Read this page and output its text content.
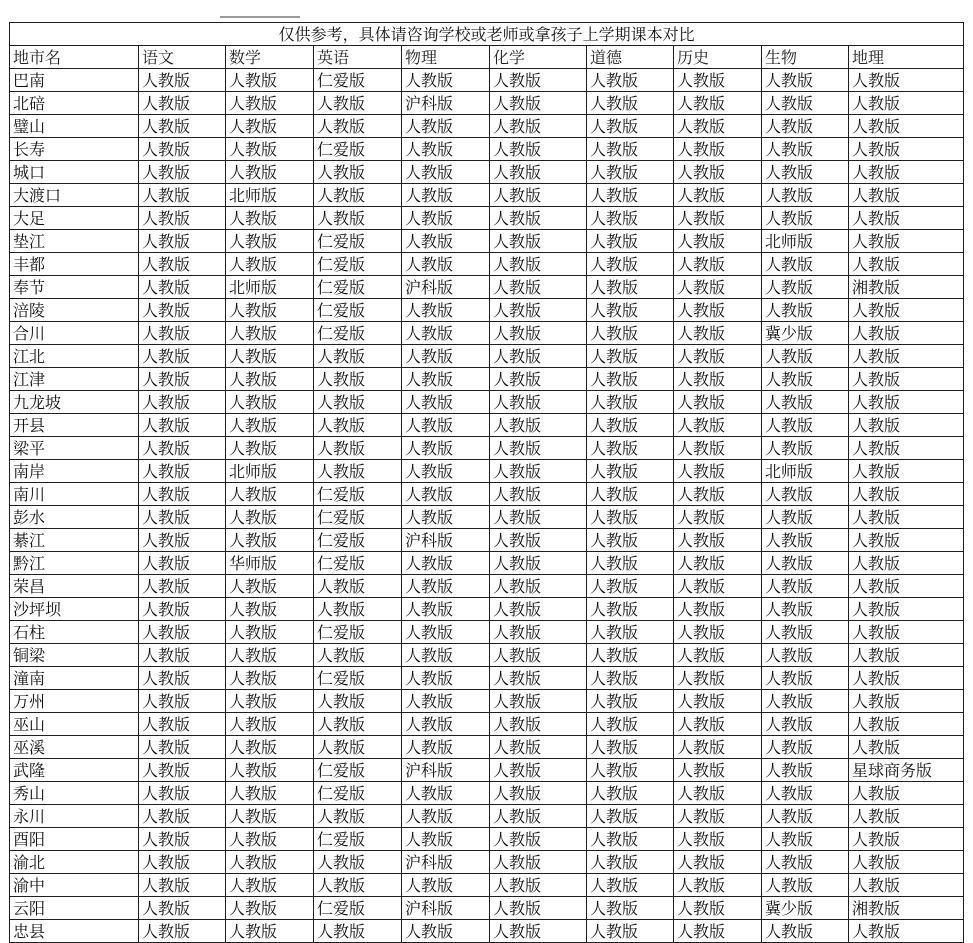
仅供参考，具体请咨询学校或老师或拿孩子上学期课本对比									
地市名	语文	数学	英语	物理	化学	道德	历史	生物	地理
巴南	人教版	人教版	仁爱版	人教版	人教版	人教版	人教版	人教版	人教版
北碚	人教版	人教版	人教版	沪科版	人教版	人教版	人教版	人教版	人教版
璧山	人教版	人教版	人教版	人教版	人教版	人教版	人教版	人教版	人教版
长寿	人教版	人教版	仁爱版	人教版	人教版	人教版	人教版	人教版	人教版
城口	人教版	人教版	人教版	人教版	人教版	人教版	人教版	人教版	人教版
大渡口	人教版	北师版	人教版	人教版	人教版	人教版	人教版	人教版	人教版
大足	人教版	人教版	人教版	人教版	人教版	人教版	人教版	人教版	人教版
垫江	人教版	人教版	仁爱版	人教版	人教版	人教版	人教版	北师版	人教版
丰都	人教版	人教版	仁爱版	人教版	人教版	人教版	人教版	人教版	人教版
奉节	人教版	北师版	仁爱版	沪科版	人教版	人教版	人教版	人教版	湘教版
涪陵	人教版	人教版	仁爱版	人教版	人教版	人教版	人教版	人教版	人教版
合川	人教版	人教版	仁爱版	人教版	人教版	人教版	人教版	冀少版	人教版
江北	人教版	人教版	人教版	人教版	人教版	人教版	人教版	人教版	人教版
江津	人教版	人教版	人教版	人教版	人教版	人教版	人教版	人教版	人教版
九龙坡	人教版	人教版	人教版	人教版	人教版	人教版	人教版	人教版	人教版
开县	人教版	人教版	人教版	人教版	人教版	人教版	人教版	人教版	人教版
梁平	人教版	人教版	人教版	人教版	人教版	人教版	人教版	人教版	人教版
南岸	人教版	北师版	人教版	人教版	人教版	人教版	人教版	北师版	人教版
南川	人教版	人教版	仁爱版	人教版	人教版	人教版	人教版	人教版	人教版
彭水	人教版	人教版	仁爱版	人教版	人教版	人教版	人教版	人教版	人教版
綦江	人教版	人教版	仁爱版	沪科版	人教版	人教版	人教版	人教版	人教版
黔江	人教版	华师版	仁爱版	人教版	人教版	人教版	人教版	人教版	人教版
荣昌	人教版	人教版	人教版	人教版	人教版	人教版	人教版	人教版	人教版
沙坪坝	人教版	人教版	人教版	人教版	人教版	人教版	人教版	人教版	人教版
石柱	人教版	人教版	仁爱版	人教版	人教版	人教版	人教版	人教版	人教版
铜梁	人教版	人教版	人教版	人教版	人教版	人教版	人教版	人教版	人教版
潼南	人教版	人教版	仁爱版	人教版	人教版	人教版	人教版	人教版	人教版
万州	人教版	人教版	人教版	人教版	人教版	人教版	人教版	人教版	人教版
巫山	人教版	人教版	人教版	人教版	人教版	人教版	人教版	人教版	人教版
巫溪	人教版	人教版	人教版	人教版	人教版	人教版	人教版	人教版	人教版
武隆	人教版	人教版	仁爱版	沪科版	人教版	人教版	人教版	人教版	星球商务版
秀山	人教版	人教版	仁爱版	人教版	人教版	人教版	人教版	人教版	人教版
永川	人教版	人教版	人教版	人教版	人教版	人教版	人教版	人教版	人教版
酉阳	人教版	人教版	仁爱版	人教版	人教版	人教版	人教版	人教版	人教版
渝北	人教版	人教版	人教版	沪科版	人教版	人教版	人教版	人教版	人教版
渝中	人教版	人教版	人教版	人教版	人教版	人教版	人教版	人教版	人教版
云阳	人教版	人教版	仁爱版	沪科版	人教版	人教版	人教版	冀少版	湘教版
忠县	人教版	人教版	人教版	人教版	人教版	人教版	人教版	人教版	人教版
